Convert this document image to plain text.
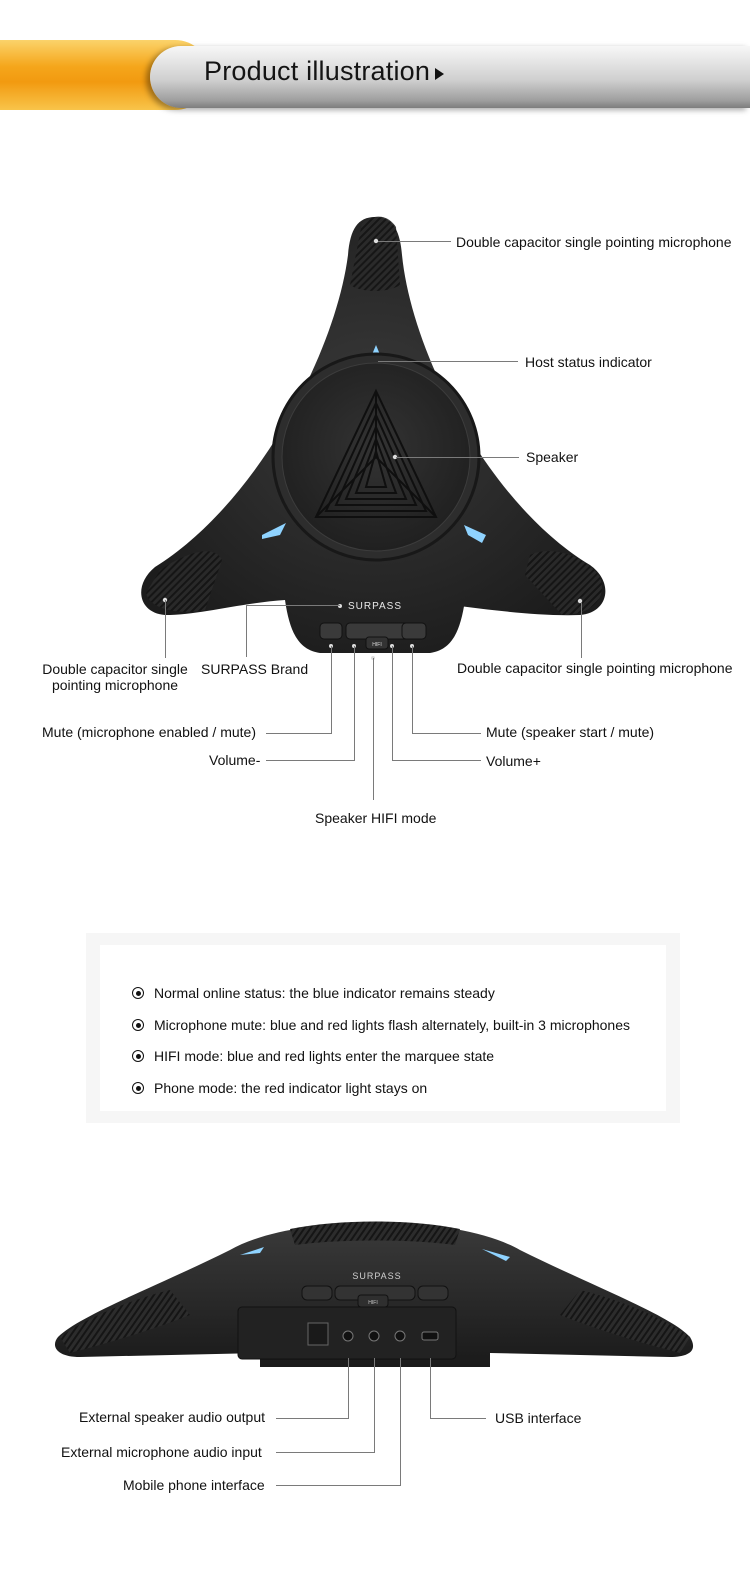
Product illustration
SURPASS
HIFI
Double capacitor single pointing microphone
Host status indicator
Speaker
Double capacitor single pointing microphone
SURPASS Brand	Double capacitor single pointing microphone
Mute (microphone enabled / mute)
Volume-
Mute (speaker start / mute)
Volume+
Speaker HIFI mode
Normal online status: the blue indicator remains steady
Microphone mute: blue and red lights flash alternately, built-in 3 microphones
HIFI mode: blue and red lights enter the marquee state
Phone mode: the red indicator light stays on
SURPASS
HIFI
External speaker audio output
External microphone audio input
Mobile phone interface
USB interface
